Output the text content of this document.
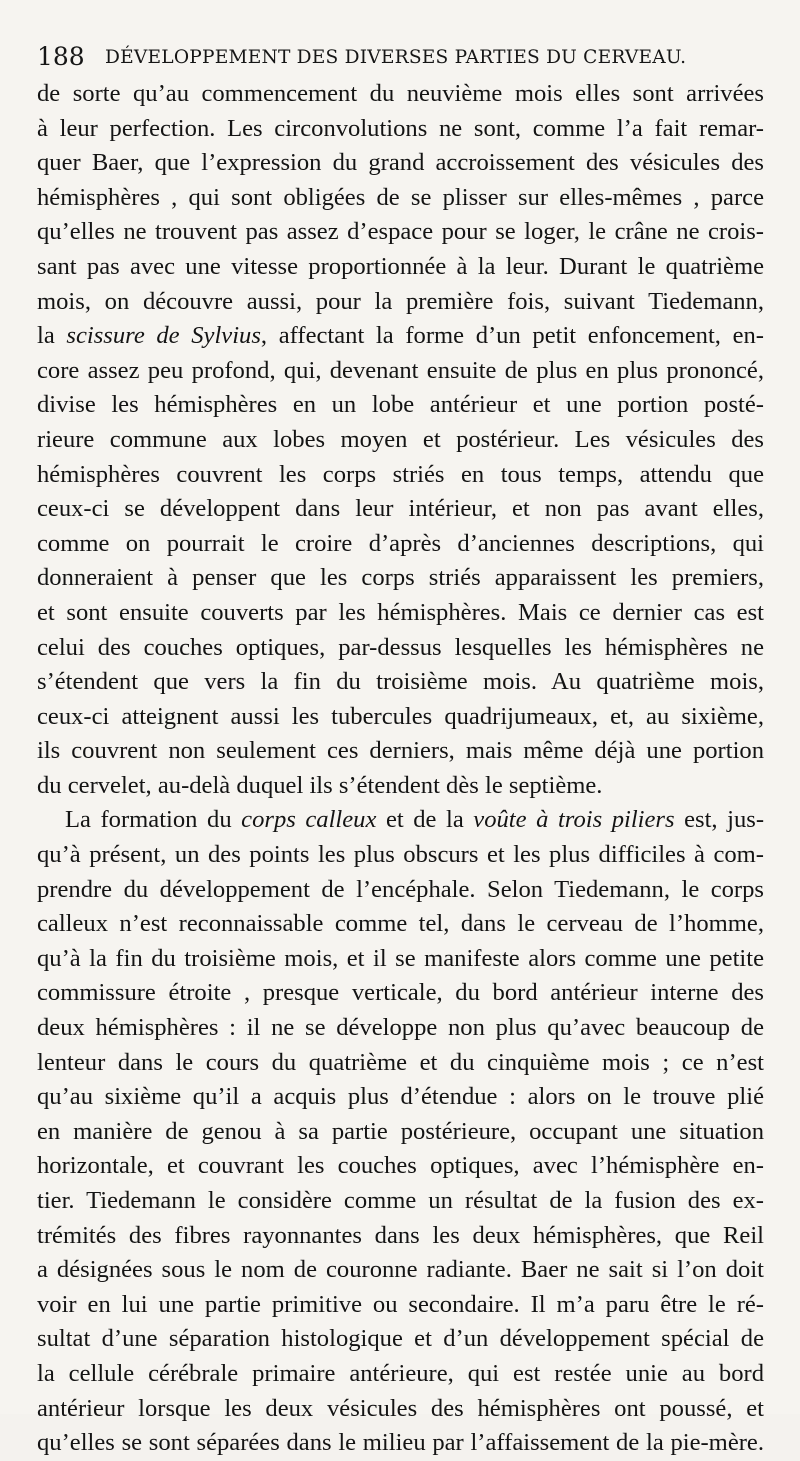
188 DÉVELOPPEMENT DES DIVERSES PARTIES DU CERVEAU.
de sorte qu’au commencement du neuvième mois elles sont arrivées
à leur perfection. Les circonvolutions ne sont, comme l’a fait remar-
quer Baer, que l’expression du grand accroissement des vésicules des
hémisphères , qui sont obligées de se plisser sur elles-mêmes , parce
qu’elles ne trouvent pas assez d’espace pour se loger, le crâne ne crois-
sant pas avec une vitesse proportionnée à la leur. Durant le quatrième
mois, on découvre aussi, pour la première fois, suivant Tiedemann,
la scissure de Sylvius, affectant la forme d’un petit enfoncement, en-
core assez peu profond, qui, devenant ensuite de plus en plus prononcé,
divise les hémisphères en un lobe antérieur et une portion posté-
rieure commune aux lobes moyen et postérieur. Les vésicules des
hémisphères couvrent les corps striés en tous temps, attendu que
ceux-ci se développent dans leur intérieur, et non pas avant elles,
comme on pourrait le croire d’après d’anciennes descriptions, qui
donneraient à penser que les corps striés apparaissent les premiers,
et sont ensuite couverts par les hémisphères. Mais ce dernier cas est
celui des couches optiques, par-dessus lesquelles les hémisphères ne
s’étendent que vers la fin du troisième mois. Au quatrième mois,
ceux-ci atteignent aussi les tubercules quadrijumeaux, et, au sixième,
ils couvrent non seulement ces derniers, mais même déjà une portion
du cervelet, au-delà duquel ils s’étendent dès le septième.
La formation du corps calleux et de la voûte à trois piliers est, jus-
qu’à présent, un des points les plus obscurs et les plus difficiles à com-
prendre du développement de l’encéphale. Selon Tiedemann, le corps
calleux n’est reconnaissable comme tel, dans le cerveau de l’homme,
qu’à la fin du troisième mois, et il se manifeste alors comme une petite
commissure étroite , presque verticale, du bord antérieur interne des
deux hémisphères : il ne se développe non plus qu’avec beaucoup de
lenteur dans le cours du quatrième et du cinquième mois ; ce n’est
qu’au sixième qu’il a acquis plus d’étendue : alors on le trouve plié
en manière de genou à sa partie postérieure, occupant une situation
horizontale, et couvrant les couches optiques, avec l’hémisphère en-
tier. Tiedemann le considère comme un résultat de la fusion des ex-
trémités des fibres rayonnantes dans les deux hémisphères, que Reil
a désignées sous le nom de couronne radiante. Baer ne sait si l’on doit
voir en lui une partie primitive ou secondaire. Il m’a paru être le ré-
sultat d’une séparation histologique et d’un développement spécial de
la cellule cérébrale primaire antérieure, qui est restée unie au bord
antérieur lorsque les deux vésicules des hémisphères ont poussé, et
qu’elles se sont séparées dans le milieu par l’affaissement de la pie-mère.
